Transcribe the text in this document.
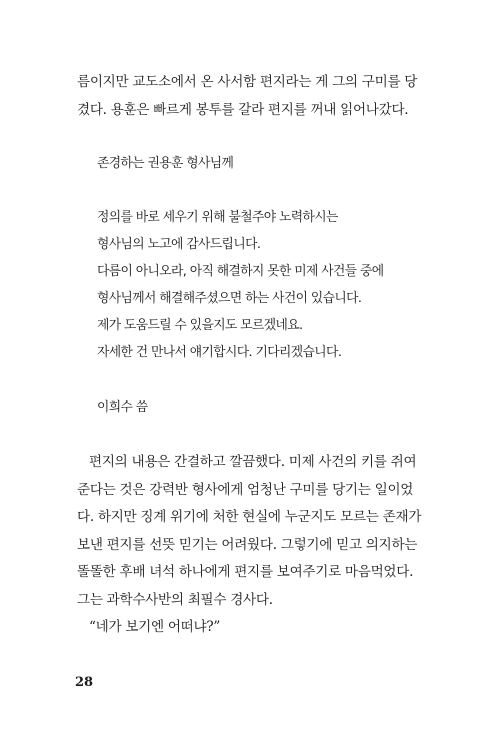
름이지만 교도소에서 온 사서함 편지라는 게 그의 구미를 당
겼다. 용훈은 빠르게 봉투를 갈라 편지를 꺼내 읽어나갔다.
존경하는 권용훈 형사님께
정의를 바로 세우기 위해 불철주야 노력하시는
형사님의 노고에 감사드립니다.
다름이 아니오라, 아직 해결하지 못한 미제 사건들 중에
형사님께서 해결해주셨으면 하는 사건이 있습니다.
제가 도움드릴 수 있을지도 모르겠네요.
자세한 건 만나서 얘기합시다. 기다리겠습니다.
이희수 씀
편지의 내용은 간결하고 깔끔했다. 미제 사건의 키를 쥐여
준다는 것은 강력반 형사에게 엄청난 구미를 당기는 일이었
다. 하지만 징계 위기에 처한 현실에 누군지도 모르는 존재가
보낸 편지를 선뜻 믿기는 어려웠다. 그렇기에 믿고 의지하는
똘똘한 후배 녀석 하나에게 편지를 보여주기로 마음먹었다.
그는 과학수사반의 최필수 경사다.
“네가 보기엔 어떠냐?”
28
